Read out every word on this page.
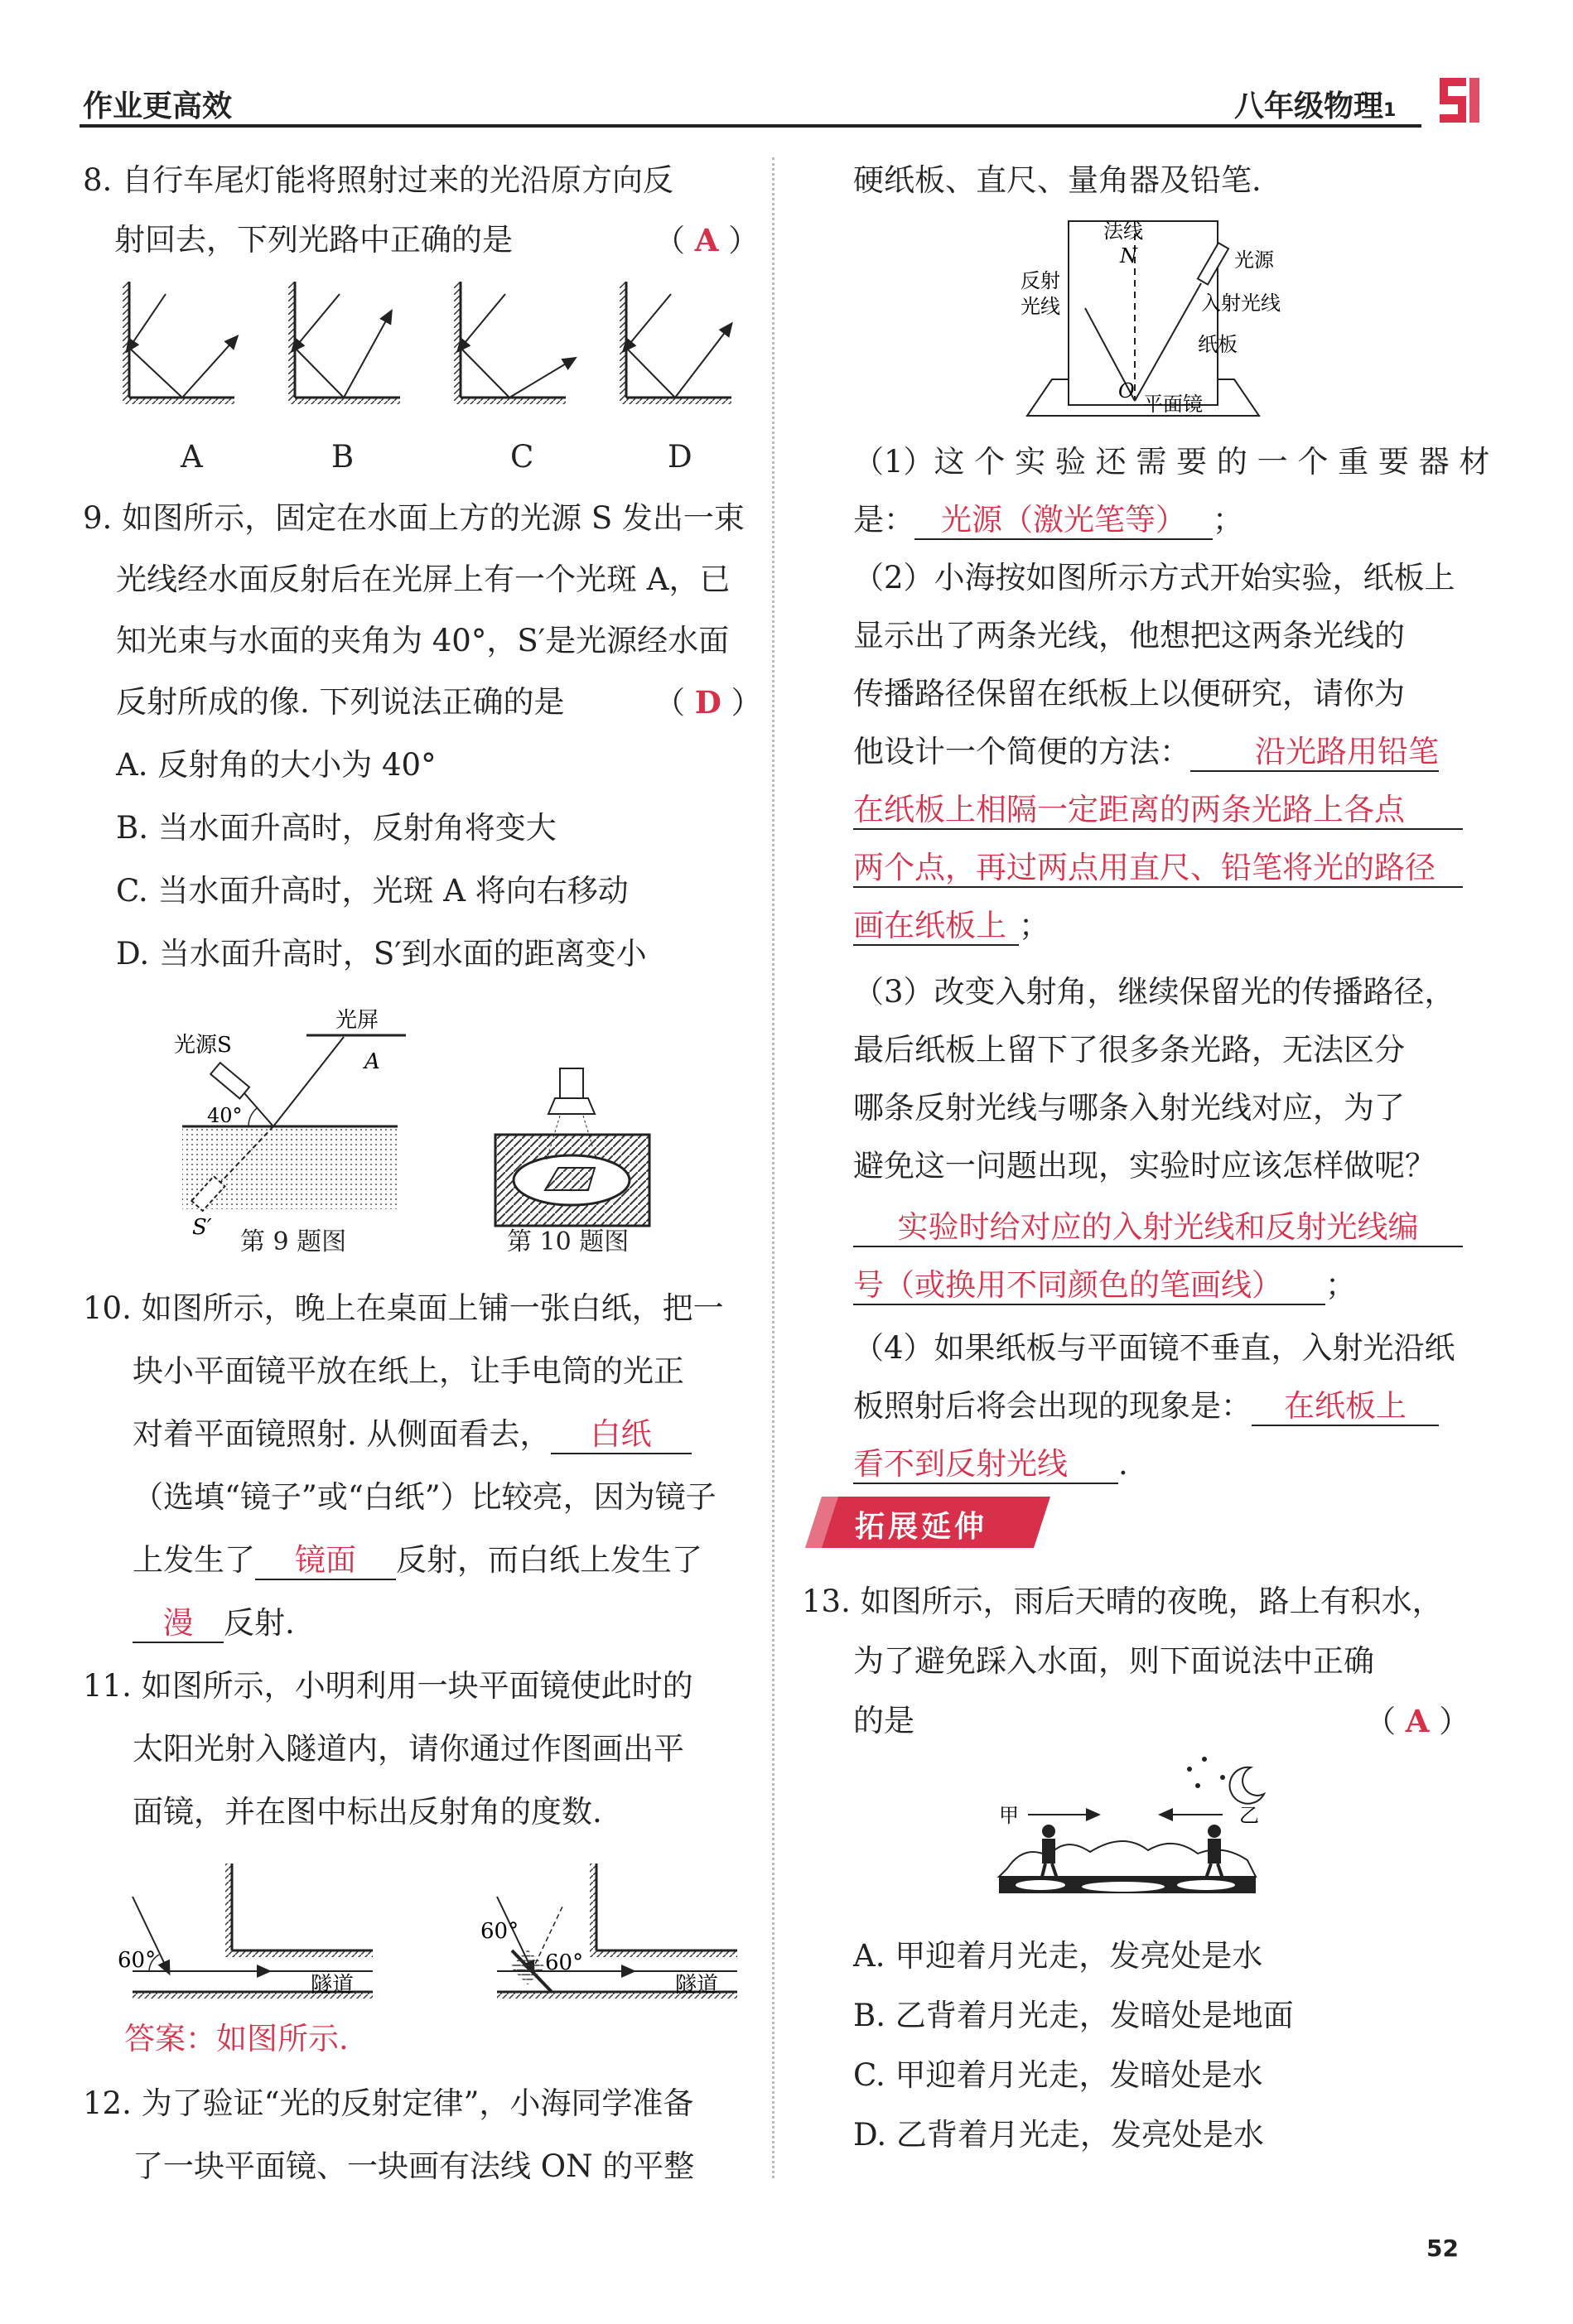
作业更高效	八年级物理1
8. 自行车尾灯能将照射过来的光沿原方向反
射回去，下列光路中正确的是	（ A ）
A	B	C	D
9. 如图所示，固定在水面上方的光源 S 发出一束
光线经水面反射后在光屏上有一个光斑 A，已
知光束与水面的夹角为 40°，S′是光源经水面
反射所成的像. 下列说法正确的是	（ D ）
A. 反射角的大小为 40°
B. 当水面升高时，反射角将变大
C. 当水面升高时，光斑 A 将向右移动
D. 当水面升高时，S′到水面的距离变小
光源S
光屏
A
40°
S′ 第 9 题图	第 10 题图
10. 如图所示，晚上在桌面上铺一张白纸，把一
块小平面镜平放在纸上，让手电筒的光正
对着平面镜照射. 从侧面看去， 白纸
（选填“镜子”或“白纸”）比较亮，因为镜子
上发生了 镜面 反射，而白纸上发生了
漫 反射.
11. 如图所示，小明利用一块平面镜使此时的
太阳光射入隧道内，请你通过作图画出平
面镜，并在图中标出反射角的度数.
60°
隧道
60°
60°
隧道
答案：如图所示.
12. 为了验证“光的反射定律”，小海同学准备
了一块平面镜、一块画有法线 ON 的平整
硬纸板、直尺、量角器及铅笔.
法线
N	光源
入射光线
反射
光线
纸板
O
平面镜
（1）这 个 实 验 还 需 要 的 一 个 重 要 器 材
是： 光源（激光笔等） ；
（2）小海按如图所示方式开始实验，纸板上
显示出了两条光线，他想把这两条光线的
传播路径保留在纸板上以便研究，请你为
他设计一个简便的方法： 沿光路用铅笔
在纸板上相隔一定距离的两条光路上各点
两个点，再过两点用直尺、铅笔将光的路径
画在纸板上 ；
（3）改变入射角，继续保留光的传播路径，
最后纸板上留下了很多条光路，无法区分
哪条反射光线与哪条入射光线对应，为了
避免这一问题出现，实验时应该怎样做呢？
实验时给对应的入射光线和反射光线编
号（或换用不同颜色的笔画线） ；
（4）如果纸板与平面镜不垂直，入射光沿纸
板照射后将会出现的现象是： 在纸板上
看不到反射光线 .
拓展延伸
13. 如图所示，雨后天晴的夜晚，路上有积水，
为了避免踩入水面，则下面说法中正确
的是	（ A ）
甲	乙
A. 甲迎着月光走，发亮处是水
B. 乙背着月光走，发暗处是地面
C. 甲迎着月光走，发暗处是水
D. 乙背着月光走，发亮处是水
52
